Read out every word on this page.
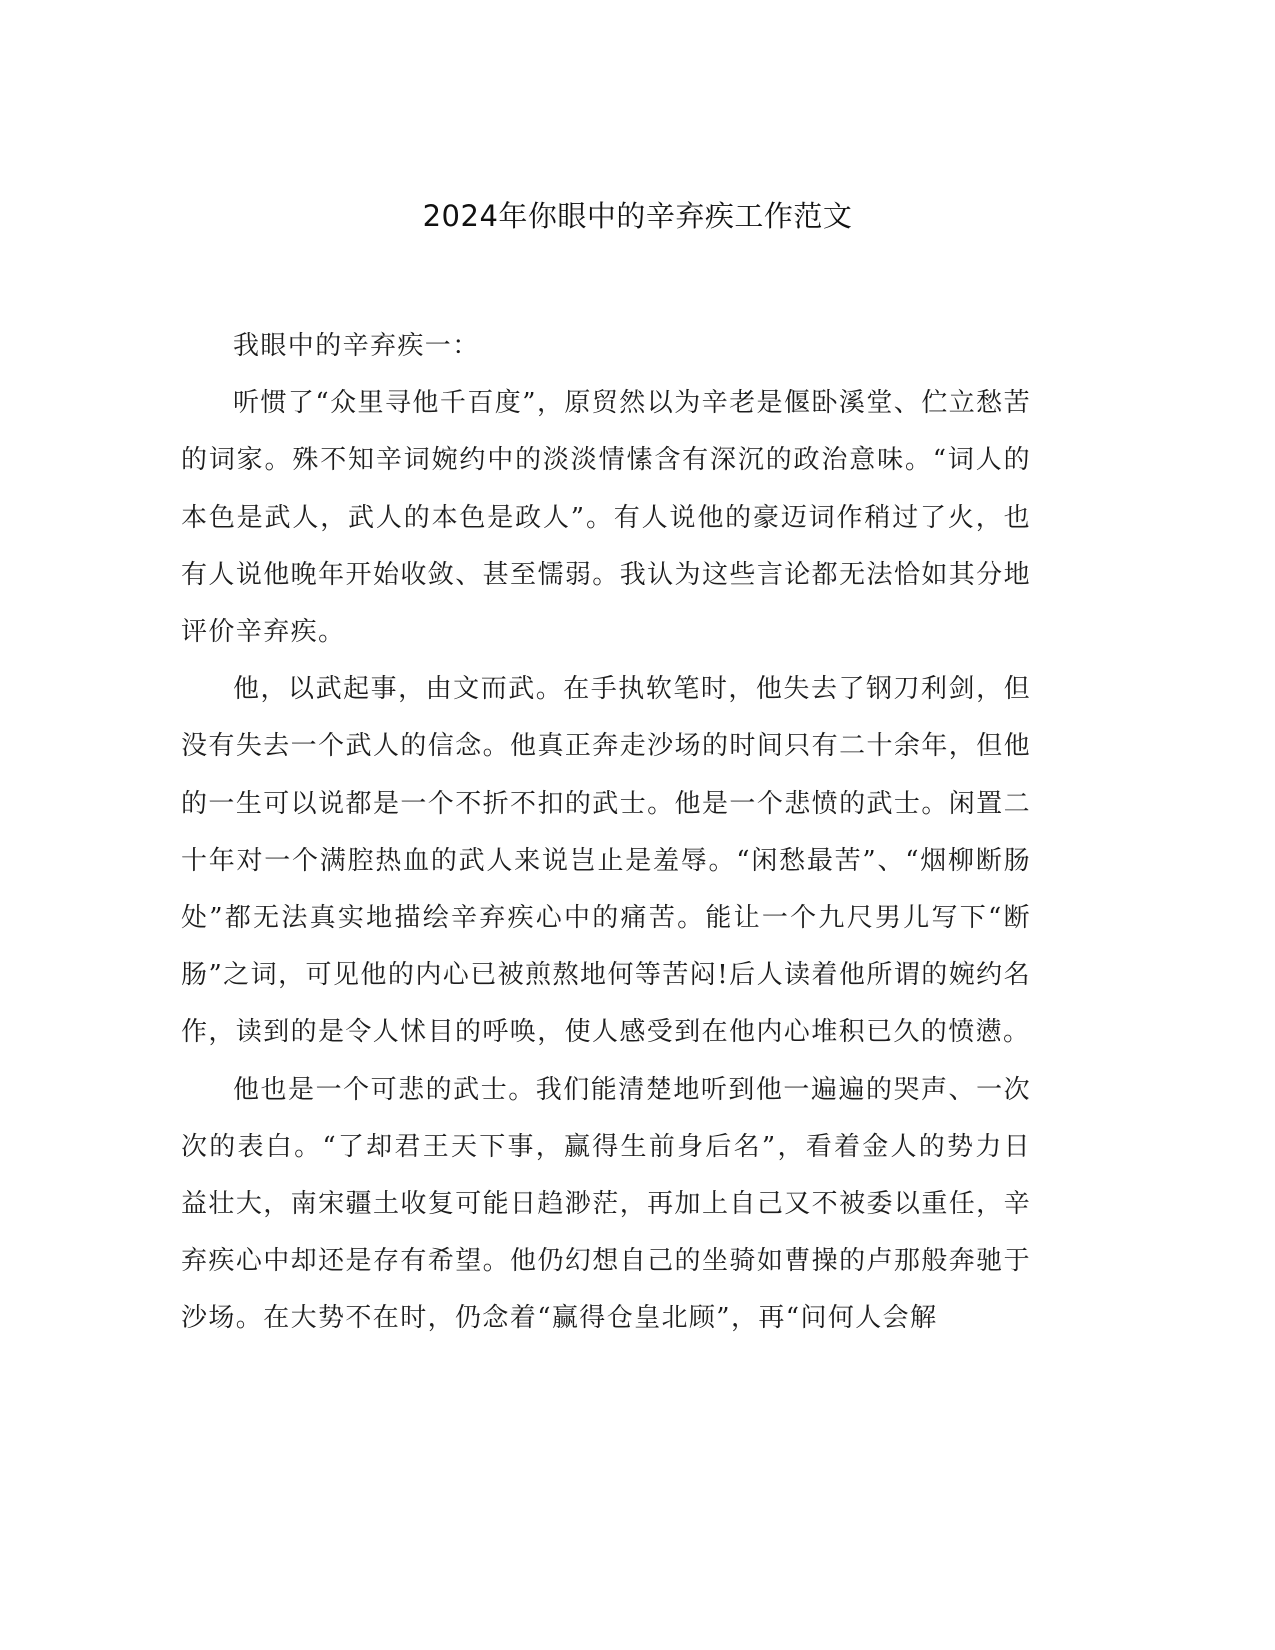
2024年你眼中的辛弃疾工作范文

我眼中的辛弃疾一：

听惯了“众里寻他千百度”，原贸然以为辛老是偃卧溪堂、伫立愁苦的词家。殊不知辛词婉约中的淡淡情愫含有深沉的政治意味。“词人的本色是武人，武人的本色是政人”。有人说他的豪迈词作稍过了火，也有人说他晚年开始收敛、甚至懦弱。我认为这些言论都无法恰如其分地评价辛弃疾。

他，以武起事，由文而武。在手执软笔时，他失去了钢刀利剑，但没有失去一个武人的信念。他真正奔走沙场的时间只有二十余年，但他的一生可以说都是一个不折不扣的武士。他是一个悲愤的武士。闲置二十年对一个满腔热血的武人来说岂止是羞辱。“闲愁最苦”、“烟柳断肠处”都无法真实地描绘辛弃疾心中的痛苦。能让一个九尺男儿写下“断肠”之词，可见他的内心已被煎熬地何等苦闷!后人读着他所谓的婉约名作，读到的是令人怵目的呼唤，使人感受到在他内心堆积已久的愤懑。

他也是一个可悲的武士。我们能清楚地听到他一遍遍的哭声、一次次的表白。“了却君王天下事，赢得生前身后名”，看着金人的势力日益壮大，南宋疆土收复可能日趋渺茫，再加上自己又不被委以重任，辛弃疾心中却还是存有希望。他仍幻想自己的坐骑如曹操的卢那般奔驰于沙场。在大势不在时，仍念着“赢得仓皇北顾”，再“问何人会解
